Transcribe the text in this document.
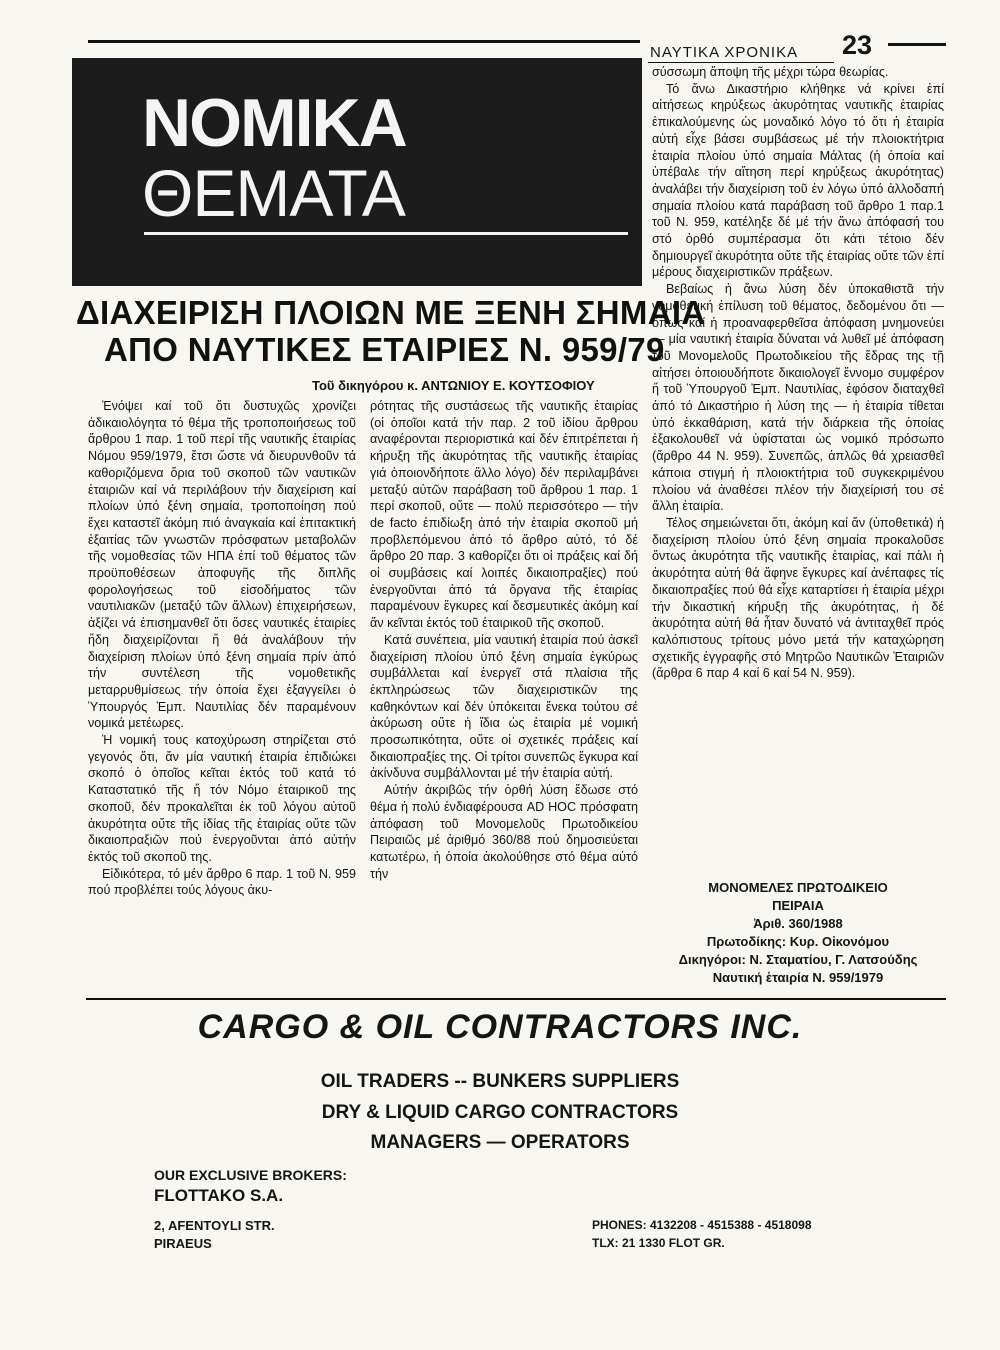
ΝΑΥΤΙΚΑ ΧΡΟΝΙΚΑ 23
ΝΟΜΙΚΑ
ΘΕΜΑΤΑ
ΔΙΑΧΕΙΡΙΣΗ ΠΛΟΙΩΝ ΜΕ ΞΕΝΗ ΣΗΜΑΙΑ
ΑΠΟ ΝΑΥΤΙΚΕΣ ΕΤΑΙΡΙΕΣ Ν. 959/79
Τοῦ δικηγόρου κ. ΑΝΤΩΝΙΟΥ Ε. ΚΟΥΤΣΟΦΙΟΥ

Ἐνόψει καί τοῦ ὅτι δυστυχῶς χρονίζει ἀδικαιολόγητα τό θέμα τῆς τροποποιήσεως τοῦ ἄρθρου 1 παρ. 1 τοῦ περί τῆς ναυτικῆς ἑταιρίας Νόμου 959/1979, ἔτσι ὥστε νά διευρυνθοῦν τά καθοριζόμενα ὅρια τοῦ σκοποῦ τῶν ναυτικῶν ἑταιριῶν καί νά περιλάβουν τήν διαχείριση καί πλοίων ὑπό ξένη σημαία, τροποποίηση πού ἔχει καταστεῖ ἀκόμη πιό ἀναγκαία καί ἐπιτακτική ἐξαιτίας τῶν γνωστῶν πρόσφατων μεταβολῶν τῆς νομοθεσίας τῶν ΗΠΑ ἐπί τοῦ θέματος τῶν προϋποθέσεων ἀποφυγῆς τῆς διπλῆς φορολογήσεως τοῦ εἰσοδήματος τῶν ναυτιλιακῶν (μεταξύ τῶν ἄλλων) ἐπιχειρήσεων, ἀξίζει νά ἐπισημανθεῖ ὅτι ὅσες ναυτικές ἑταιρίες ἤδη διαχειρίζονται ἤ θά ἀναλάβουν τήν διαχείριση πλοίων ὑπό ξένη σημαία πρίν ἀπό τήν συντέλεση τῆς νομοθετικῆς μεταρρυθμίσεως τήν ὁποία ἔχει ἐξαγγείλει ὁ Ὑπουργός Ἐμπ. Ναυτιλίας δέν παραμένουν νομικά μετέωρες.

Ἡ νομική τους κατοχύρωση στηρίζεται στό γεγονός ὅτι, ἄν μία ναυτική ἑταιρία ἐπιδιώκει σκοπό ὁ ὁποῖος κεῖται ἐκτός τοῦ κατά τό Καταστατικό τῆς ἤ τόν Νόμο ἑταιρικοῦ της σκοποῦ, δέν προκαλεῖται ἐκ τοῦ λόγου αὐτοῦ ἀκυρότητα οὔτε τῆς ἰδίας τῆς ἑταιρίας οὔτε τῶν δικαιοπραξιῶν πού ἐνεργοῦνται ἀπό αὐτήν ἐκτός τοῦ σκοποῦ της.

Εἰδικότερα, τό μέν ἄρθρο 6 παρ. 1 τοῦ Ν. 959 πού προβλέπει τούς λόγους ἀκυ-

ρότητας τῆς συστάσεως τῆς ναυτικῆς ἑταιρίας (οἱ ὁποῖοι κατά τήν παρ. 2 τοῦ ἰδίου ἄρθρου αναφέρονται περιοριστικά καί δέν ἐπιτρέπεται ἡ κήρυξη τῆς ἀκυρότητας τῆς ναυτικῆς ἑταιρίας γιά ὁποιονδήποτε ἄλλο λόγο) δέν περιλαμβάνει μεταξύ αὐτῶν παράβαση τοῦ ἄρθρου 1 παρ. 1 περί σκοποῦ, οὔτε — πολύ περισσότερο — τήν de facto ἐπιδίωξη ἀπό τήν ἑταιρία σκοποῦ μή προβλεπόμενου ἀπό τό ἄρθρο αὐτό, τό δέ ἄρθρο 20 παρ. 3 καθορίζει ὅτι οἱ πράξεις καί δή οἱ συμβάσεις καί λοιπές δικαιοπραξίες) πού ἐνεργοῦνται ἀπό τά ὄργανα τῆς ἑταιρίας παραμένουν ἔγκυρες καί δεσμευτικές ἀκόμη καί ἄν κεῖνται ἐκτός τοῦ ἑταιρικοῦ τῆς σκοποῦ.

Κατά συνέπεια, μία ναυτική ἑταιρία πού ἀσκεῖ διαχείριση πλοίου ὑπό ξένη σημαία ἐγκύρως συμβάλλεται καί ἐνεργεῖ στά πλαίσια τῆς ἐκπληρώσεως τῶν διαχειριστικῶν της καθηκόντων καί δέν ὑπόκειται ἕνεκα τούτου σέ ἀκύρωση οὔτε ἡ ἴδια ὡς ἑταιρία μέ νομική προσωπικότητα, οὔτε οἱ σχετικές πράξεις καί δικαιοπραξίες της. Οἱ τρίτοι συνεπῶς ἔγκυρα καί ἀκίνδυνα συμβάλλονται μέ τήν ἑταιρία αὐτή.

Αὐτήν ἀκριβῶς τήν ὀρθή λύση ἔδωσε στό θέμα ἡ πολύ ἐνδιαφέρουσα AD HOC πρόσφατη ἀπόφαση τοῦ Μονομελοῦς Πρωτοδικείου Πειραιῶς μέ ἀριθμό 360/88 πού δημοσιεύεται κατωτέρω, ἡ ὁποία ἀκολούθησε στό θέμα αὐτό τήν

σύσσωμη ἄποψη τῆς μέχρι τώρα θεωρίας.

Τό ἄνω Δικαστήριο κλήθηκε νά κρίνει ἐπί αἰτήσεως κηρύξεως ἀκυρότητας ναυτικῆς ἑταιρίας ἐπικαλούμενης ὡς μοναδικό λόγο τό ὅτι ἡ ἑταιρία αὐτή εἶχε βάσει συμβάσεως μέ τήν πλοιοκτήτρια ἑταιρία πλοίου ὑπό σημαία Μάλτας (ἡ ὁποία καί ὑπέβαλε τήν αἴτηση περί κηρύξεως ἀκυρότητας) ἀναλάβει τήν διαχείριση τοῦ ἐν λόγω ὑπό ἀλλοδαπή σημαία πλοίου κατά παράβαση τοῦ ἄρθρο 1 παρ.1 τοῦ Ν. 959, κατέληξε δέ μέ τήν ἄνω ἀπόφασή του στό ὀρθό συμπέρασμα ὅτι κάτι τέτοιο δέν δημιουργεῖ ἀκυρότητα οὔτε τῆς ἑταιρίας οὔτε τῶν ἐπί μέρους διαχειριστικῶν πράξεων.

Βεβαίως ἡ ἄνω λύση δέν ὑποκαθιστᾶ τήν νομοθετική ἐπίλυση τοῦ θέματος, δεδομένου ὅτι — ὅπως καί ἡ προαναφερθεῖσα ἀπόφαση μνημονεύει — μία ναυτική ἑταιρία δύναται νά λυθεῖ μέ ἀπόφαση τοῦ Μονομελοῦς Πρωτοδικείου τῆς ἕδρας της τῇ αἰτήσει ὁποιουδήποτε δικαιολογεῖ ἔννομο συμφέρον ἤ τοῦ Ὑπουργοῦ Ἐμπ. Ναυτιλίας, ἐφόσον διαταχθεῖ ἀπό τό Δικαστήριο ἡ λύση της — ἡ ἑταιρία τίθεται ὑπό ἐκκαθάριση, κατά τήν διάρκεια τῆς ὁποίας ἐξακολουθεῖ νά ὑφίσταται ὡς νομικό πρόσωπο (ἄρθρο 44 Ν. 959). Συνεπῶς, ἁπλῶς θά χρειασθεῖ κάποια στιγμή ἡ πλοιοκτήτρια τοῦ συγκεκριμένου πλοίου νά ἀναθέσει πλέον τήν διαχείρισή του σέ ἄλλη ἑταιρία.

Τέλος σημειώνεται ὅτι, ἀκόμη καί ἄν (ὑποθετικά) ἡ διαχείριση πλοίου ὑπό ξένη σημαία προκαλοῦσε ὄντως ἀκυρότητα τῆς ναυτικῆς ἑταιρίας, καί πάλι ἡ ἀκυρότητα αὐτή θά ἄφηνε ἔγκυρες καί ἀνέπαφες τίς δικαιοπραξίες πού θά εἶχε καταρτίσει ἡ ἑταιρία μέχρι τήν δικαστική κήρυξη τῆς ἀκυρότητας, ἡ δέ ἀκυρότητα αὐτή θά ἦταν δυνατό νά ἀντιταχθεῖ πρός καλόπιστους τρίτους μόνο μετά τήν καταχώρηση σχετικῆς ἐγγραφῆς στό Μητρῶο Ναυτικῶν Ἑταιριῶν (ἄρθρα 6 παρ 4 καί 6 καί 54 Ν. 959).

ΜΟΝΟΜΕΛΕΣ ΠΡΩΤΟΔΙΚΕΙΟ
ΠΕΙΡΑΙΑ
Ἀριθ. 360/1988
Πρωτοδίκης: Κυρ. Οἰκονόμου
Δικηγόροι: Ν. Σταματίου, Γ. Λατσούδης
Ναυτική ἑταιρία Ν. 959/1979
CARGO & OIL CONTRACTORS INC.
OIL TRADERS -- BUNKERS SUPPLIERS
DRY & LIQUID CARGO CONTRACTORS
MANAGERS — OPERATORS
OUR EXCLUSIVE BROKERS:
FLOTTAKO S.A.
2, AFENTOYLI STR.
PIRAEUS
PHONES: 4132208 - 4515388 - 4518098
TLX: 21 1330 FLOT GR.
